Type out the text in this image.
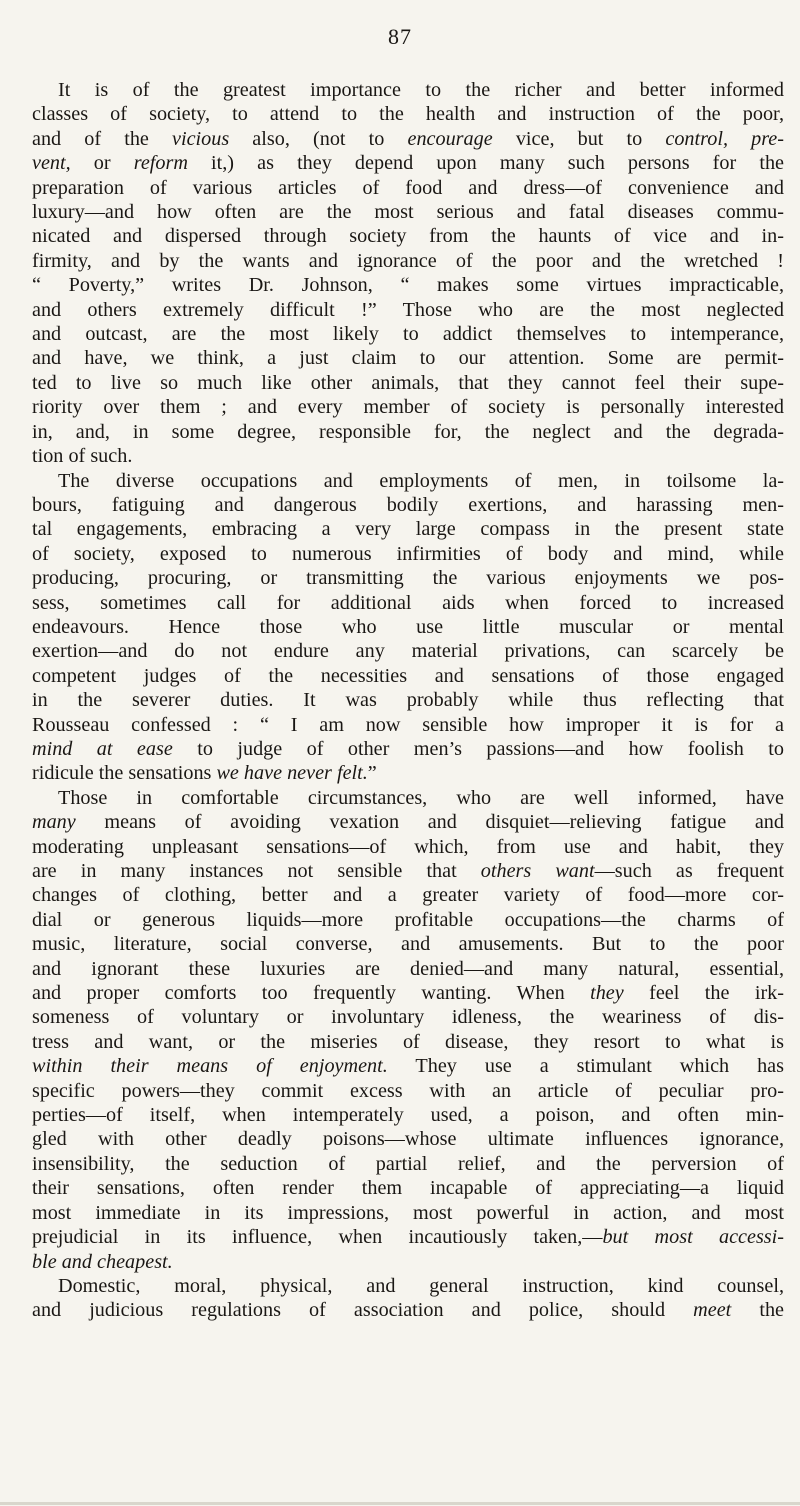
87
It is of the greatest importance to the richer and better informed
classes of society, to attend to the health and instruction of the poor,
and of the vicious also, (not to encourage vice, but to control, pre-
vent, or reform it,) as they depend upon many such persons for the
preparation of various articles of food and dress—of convenience and
luxury—and how often are the most serious and fatal diseases commu-
nicated and dispersed through society from the haunts of vice and in-
firmity, and by the wants and ignorance of the poor and the wretched !
“ Poverty,” writes Dr. Johnson, “ makes some virtues impracticable,
and others extremely difficult !” Those who are the most neglected
and outcast, are the most likely to addict themselves to intemperance,
and have, we think, a just claim to our attention. Some are permit-
ted to live so much like other animals, that they cannot feel their supe-
riority over them ; and every member of society is personally interested
in, and, in some degree, responsible for, the neglect and the degrada-
tion of such.
The diverse occupations and employments of men, in toilsome la-
bours, fatiguing and dangerous bodily exertions, and harassing men-
tal engagements, embracing a very large compass in the present state
of society, exposed to numerous infirmities of body and mind, while
producing, procuring, or transmitting the various enjoyments we pos-
sess, sometimes call for additional aids when forced to increased
endeavours. Hence those who use little muscular or mental
exertion—and do not endure any material privations, can scarcely be
competent judges of the necessities and sensations of those engaged
in the severer duties. It was probably while thus reflecting that
Rousseau confessed : “ I am now sensible how improper it is for a
mind at ease to judge of other men’s passions—and how foolish to
ridicule the sensations we have never felt.”
Those in comfortable circumstances, who are well informed, have
many means of avoiding vexation and disquiet—relieving fatigue and
moderating unpleasant sensations—of which, from use and habit, they
are in many instances not sensible that others want—such as frequent
changes of clothing, better and a greater variety of food—more cor-
dial or generous liquids—more profitable occupations—the charms of
music, literature, social converse, and amusements. But to the poor
and ignorant these luxuries are denied—and many natural, essential,
and proper comforts too frequently wanting. When they feel the irk-
someness of voluntary or involuntary idleness, the weariness of dis-
tress and want, or the miseries of disease, they resort to what is
within their means of enjoyment. They use a stimulant which has
specific powers—they commit excess with an article of peculiar pro-
perties—of itself, when intemperately used, a poison, and often min-
gled with other deadly poisons—whose ultimate influences ignorance,
insensibility, the seduction of partial relief, and the perversion of
their sensations, often render them incapable of appreciating—a liquid
most immediate in its impressions, most powerful in action, and most
prejudicial in its influence, when incautiously taken,—but most accessi-
ble and cheapest.
Domestic, moral, physical, and general instruction, kind counsel,
and judicious regulations of association and police, should meet the
